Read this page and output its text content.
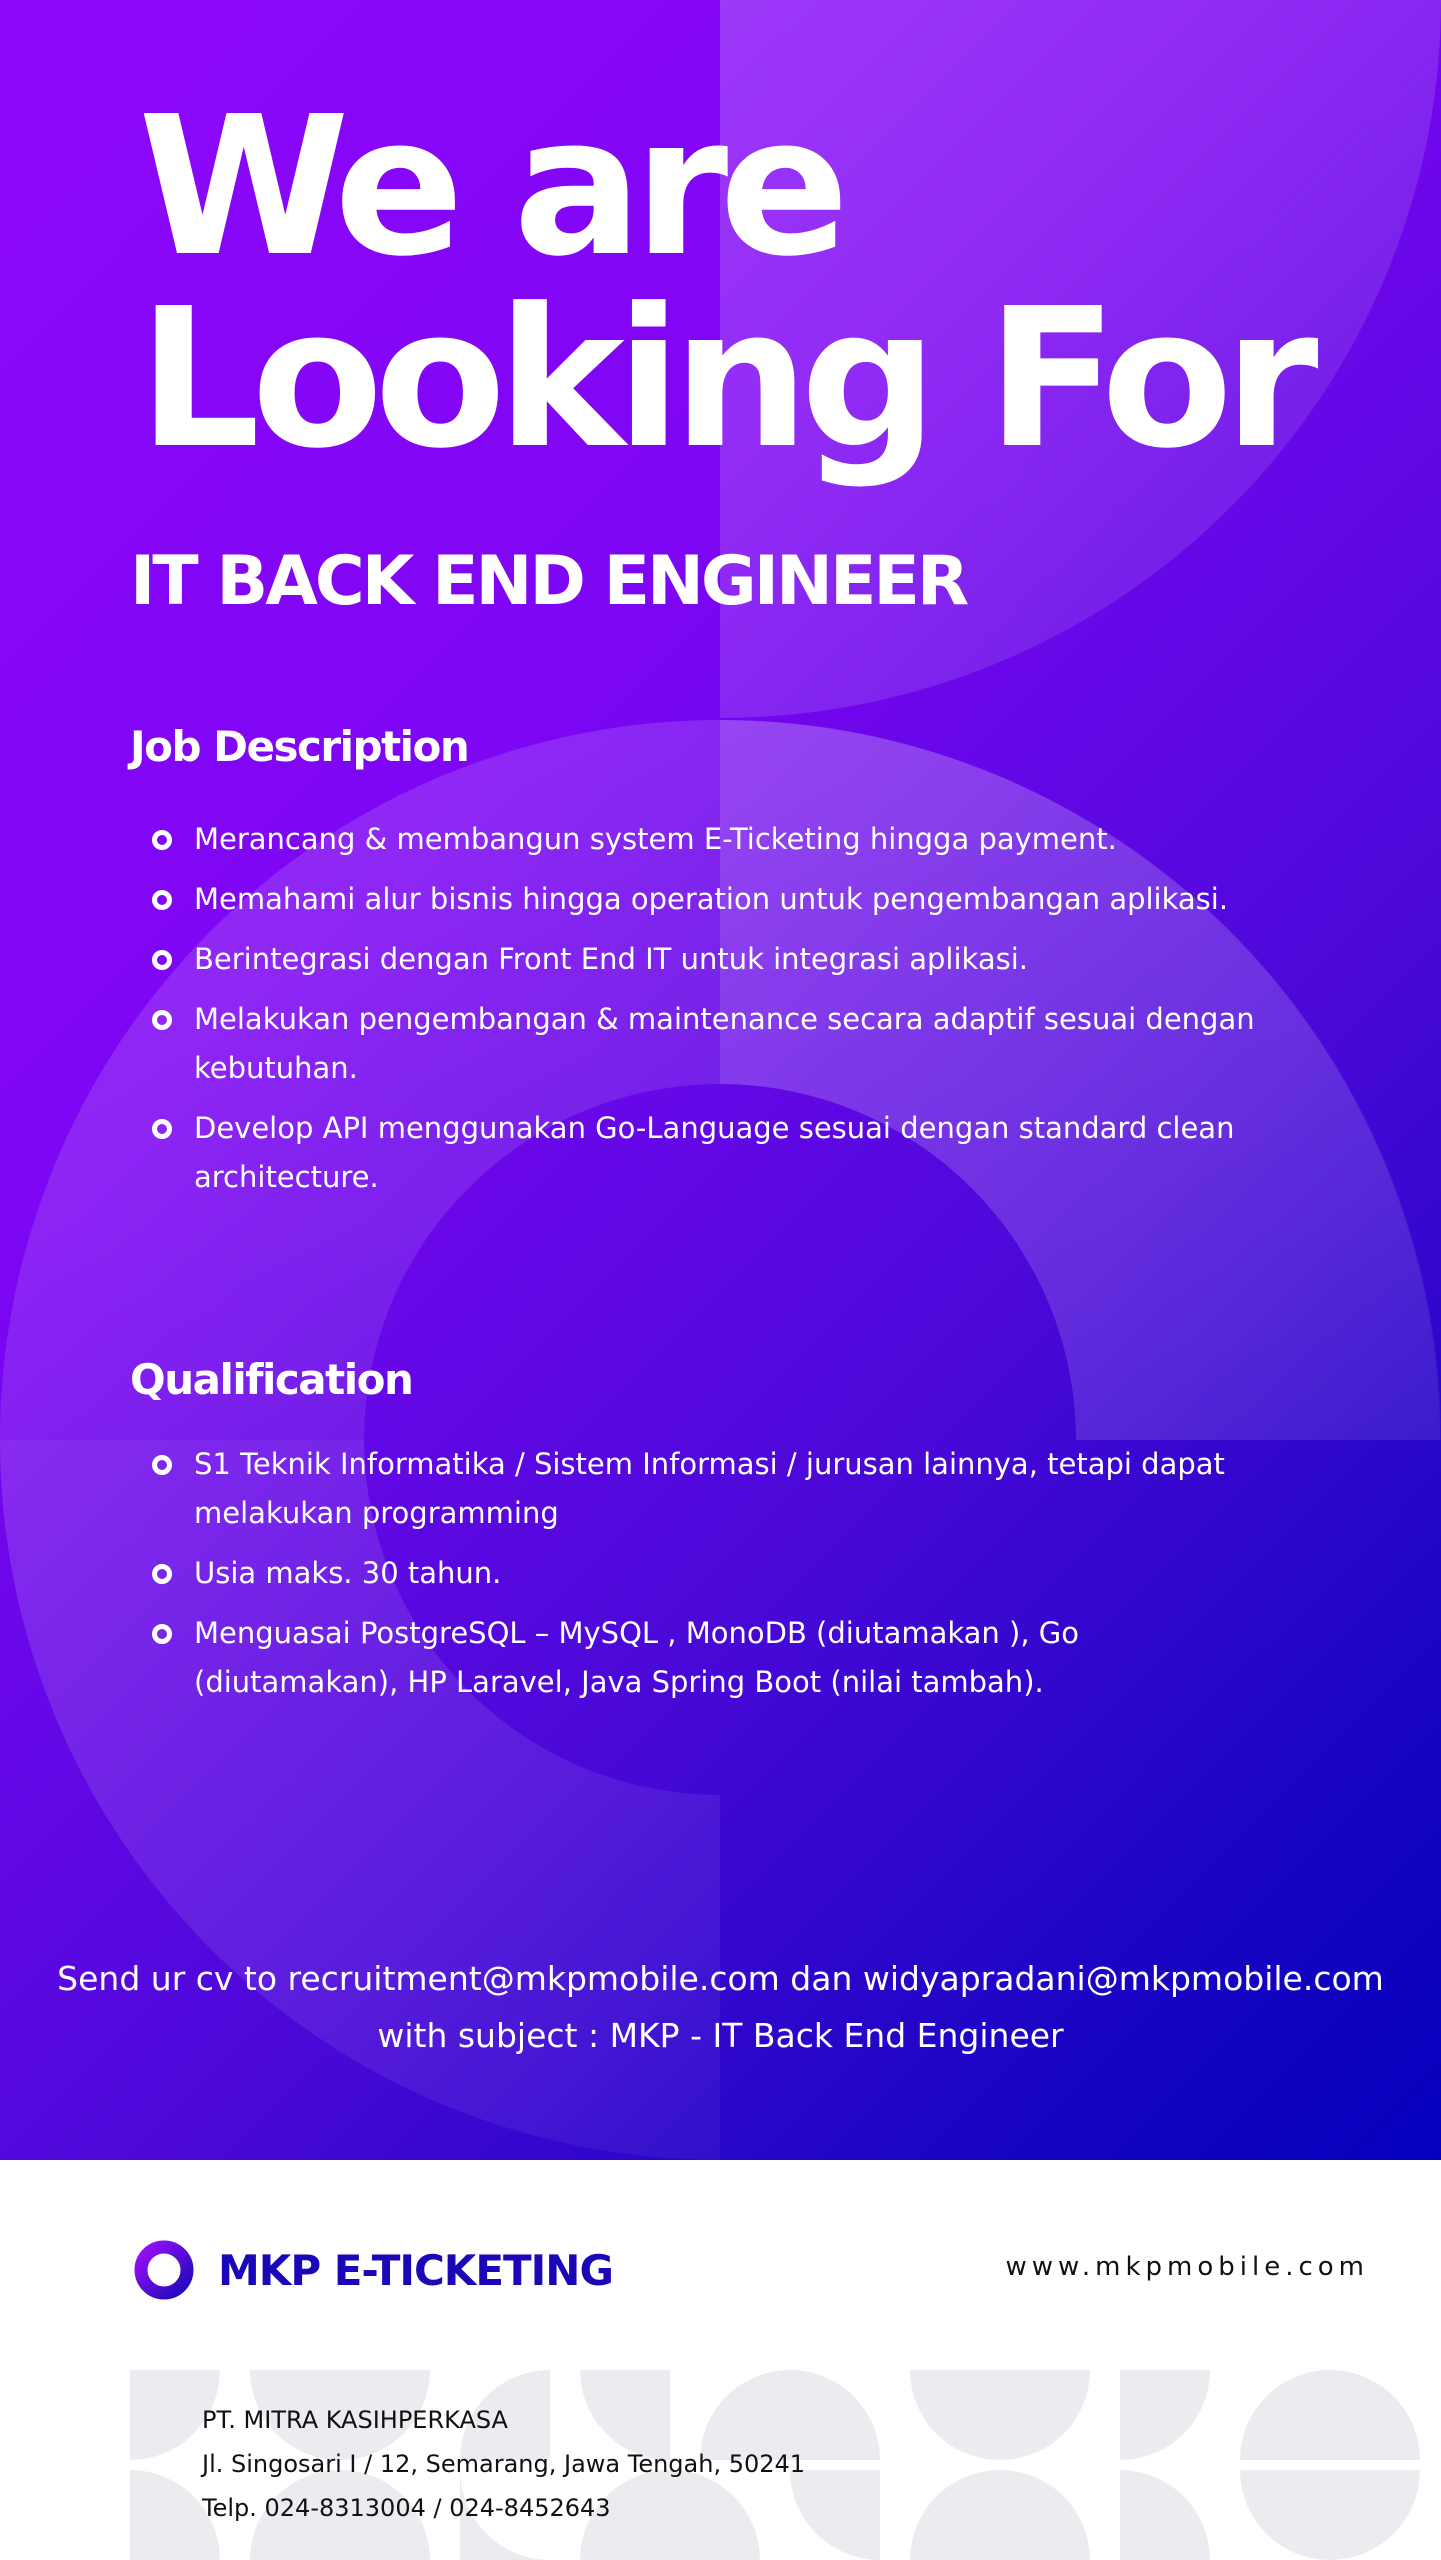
We are
Looking For
IT BACK END ENGINEER
Job Description
Merancang & membangun system E-Ticketing hingga payment.
Memahami alur bisnis hingga operation untuk pengembangan aplikasi.
Berintegrasi dengan Front End IT untuk integrasi aplikasi.
Melakukan pengembangan & maintenance secara adaptif sesuai dengan kebutuhan.
Develop API menggunakan Go-Language sesuai dengan standard clean architecture.
Qualification
S1 Teknik Informatika / Sistem Informasi / jurusan lainnya, tetapi dapat melakukan programming
Usia maks. 30 tahun.
Menguasai PostgreSQL – MySQL , MonoDB (diutamakan ), Go (diutamakan), HP Laravel, Java Spring Boot (nilai tambah).
Send ur cv to recruitment@mkpmobile.com dan widyapradani@mkpmobile.com
with subject : MKP - IT Back End Engineer
MKP E-TICKETING	www.mkpmobile.com
PT. MITRA KASIHPERKASA
Jl. Singosari I / 12, Semarang, Jawa Tengah, 50241
Telp. 024-8313004 / 024-8452643
